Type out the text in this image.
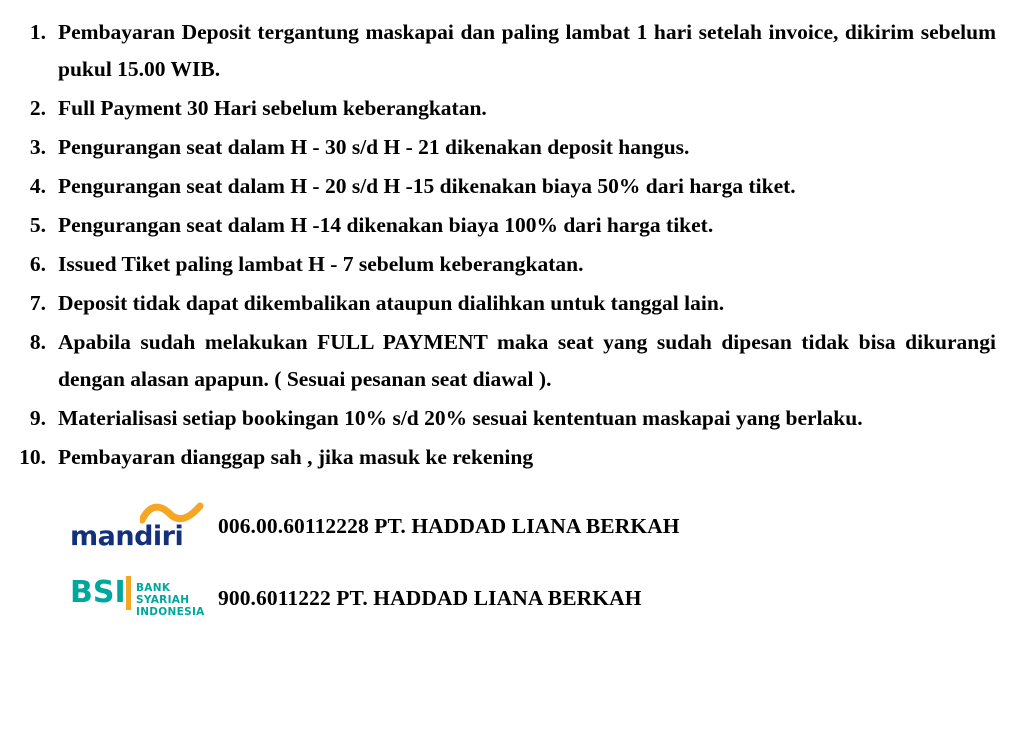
1. Pembayaran Deposit tergantung maskapai dan paling lambat 1 hari setelah invoice, dikirim sebelum pukul 15.00 WIB.
2. Full Payment 30 Hari sebelum keberangkatan.
3. Pengurangan seat dalam H - 30 s/d H - 21 dikenakan deposit hangus.
4. Pengurangan seat dalam H - 20 s/d H -15 dikenakan biaya 50% dari harga tiket.
5. Pengurangan seat dalam H -14 dikenakan biaya 100% dari harga tiket.
6. Issued Tiket paling lambat H - 7 sebelum keberangkatan.
7. Deposit tidak dapat dikembalikan ataupun dialihkan untuk tanggal lain.
8. Apabila sudah melakukan FULL PAYMENT maka seat yang sudah dipesan tidak bisa dikurangi dengan alasan apapun. ( Sesuai pesanan seat diawal ).
9. Materialisasi setiap bookingan 10% s/d 20% sesuai kententuan maskapai yang berlaku.
10. Pembayaran dianggap sah , jika masuk ke rekening
mandiri	006.00.60112228 PT. HADDAD LIANA BERKAH
BSI BANK SYARIAH
INDONESIA
900.6011222 PT. HADDAD LIANA BERKAH
